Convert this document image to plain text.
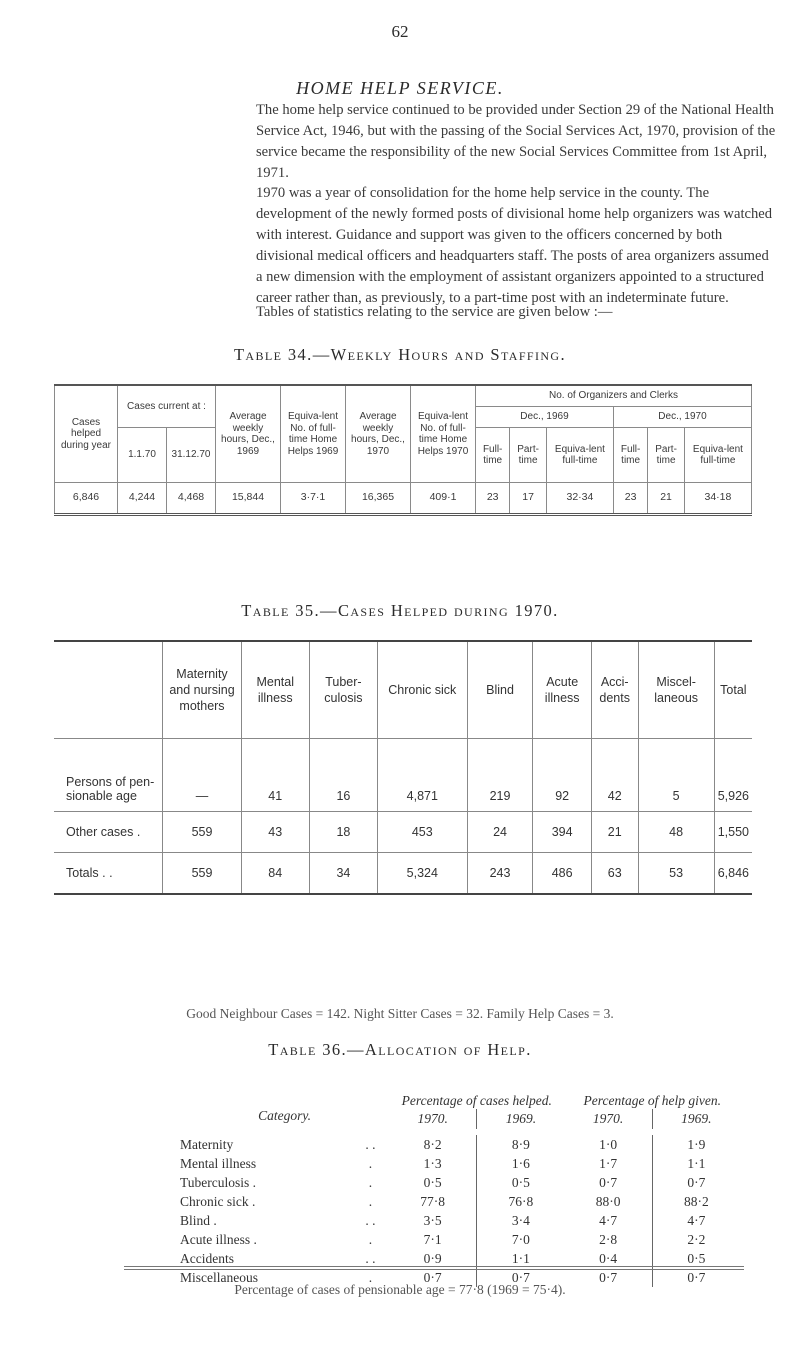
62
HOME HELP SERVICE.
The home help service continued to be provided under Section 29 of the National Health Service Act, 1946, but with the passing of the Social Services Act, 1970, provision of the service became the responsibility of the new Social Services Committee from 1st April, 1971.
1970 was a year of consolidation for the home help service in the county. The development of the newly formed posts of divisional home help organizers was watched with interest. Guidance and support was given to the officers concerned by both divisional medical officers and headquarters staff. The posts of area organizers assumed a new dimension with the employment of assistant organizers appointed to a structured career rather than, as previously, to a part-time post with an indeterminate future.
Tables of statistics relating to the service are given below :—
Table 34.—Weekly Hours and Staffing.
Cases helped during year	Cases current at :		Average weekly hours, Dec., 1969	Equiva-lent No. of full-time Home Helps 1969	Average weekly hours, Dec., 1970	Equiva-lent No. of full-time Home Helps 1970	No. of Organizers and Clerks					
							Dec., 1969			Dec., 1970		
	1.1.70	31.12.70					Full-time	Part-time	Equiva-lent full-time	Full-time	Part-time	Equiva-lent full-time
6,846	4,244	4,468	15,844	3·7·1	16,365	409·1	23	17	32·34	23	21	34·18
Table 35.—Cases Helped during 1970.
	Maternity and nursing mothers	Mental illness	Tuber-culosis	Chronic sick	Blind	Acute illness	Acci-dents	Miscel-laneous	Total
Persons of pen-sionable age	—	41	16	4,871	219	92	42	5	5,926
Other cases .	559	43	18	453	24	394	21	48	1,550
Totals . .	559	84	34	5,324	243	486	63	53	6,846
Good Neighbour Cases = 142. Night Sitter Cases = 32. Family Help Cases = 3.
Table 36.—Allocation of Help.
Category.		Percentage of cases helped.		Percentage of help given.	
		1970.	1969.	1970.	1969.

Maternity	. .	8·2	8·9	1·0	1·9
Mental illness	.	1·3	1·6	1·7	1·1
Tuberculosis .	.	0·5	0·5	0·7	0·7
Chronic sick .	.	77·8	76·8	88·0	88·2
Blind .	. .	3·5	3·4	4·7	4·7
Acute illness .	.	7·1	7·0	2·8	2·2
Accidents	. .	0·9	1·1	0·4	0·5
Miscellaneous	.	0·7	0·7	0·7	0·7
Percentage of cases of pensionable age = 77·8 (1969 = 75·4).
